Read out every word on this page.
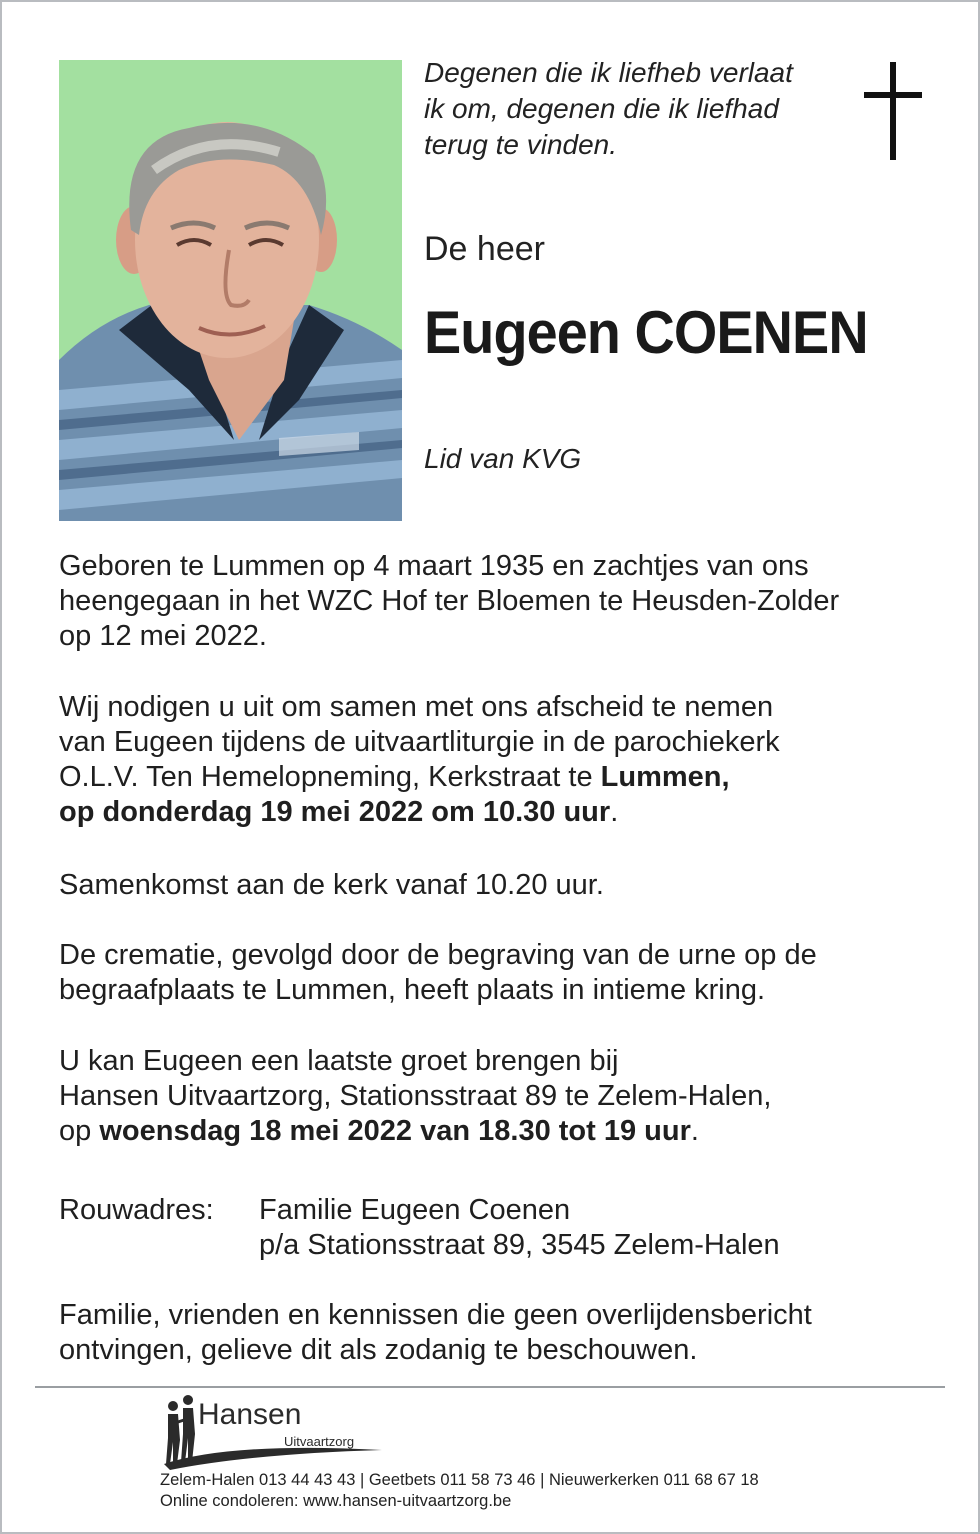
Degenen die ik liefheb verlaat
ik om, degenen die ik liefhad
terug te vinden.
De heer
Eugeen COENEN
Lid van KVG
Geboren te Lummen op 4 maart 1935 en zachtjes van ons
heengegaan in het WZC Hof ter Bloemen te Heusden-Zolder
op 12 mei 2022.
Wij nodigen u uit om samen met ons afscheid te nemen
van Eugeen tijdens de uitvaartliturgie in de parochiekerk
O.L.V. Ten Hemelopneming, Kerkstraat te Lummen,
op donderdag 19 mei 2022 om 10.30 uur.
Samenkomst aan de kerk vanaf 10.20 uur.
De crematie, gevolgd door de begraving van de urne op de
begraafplaats te Lummen, heeft plaats in intieme kring.
U kan Eugeen een laatste groet brengen bij
Hansen Uitvaartzorg, Stationsstraat 89 te Zelem-Halen,
op woensdag 18 mei 2022 van 18.30 tot 19 uur.
Rouwadres: Familie Eugeen Coenen
p/a Stationsstraat 89, 3545 Zelem-Halen
Familie, vrienden en kennissen die geen overlijdensbericht
ontvingen, gelieve dit als zodanig te beschouwen.
Hansen
Uitvaartzorg
Zelem-Halen 013 44 43 43 | Geetbets 011 58 73 46 | Nieuwerkerken 011 68 67 18
Online condoleren: www.hansen-uitvaartzorg.be
